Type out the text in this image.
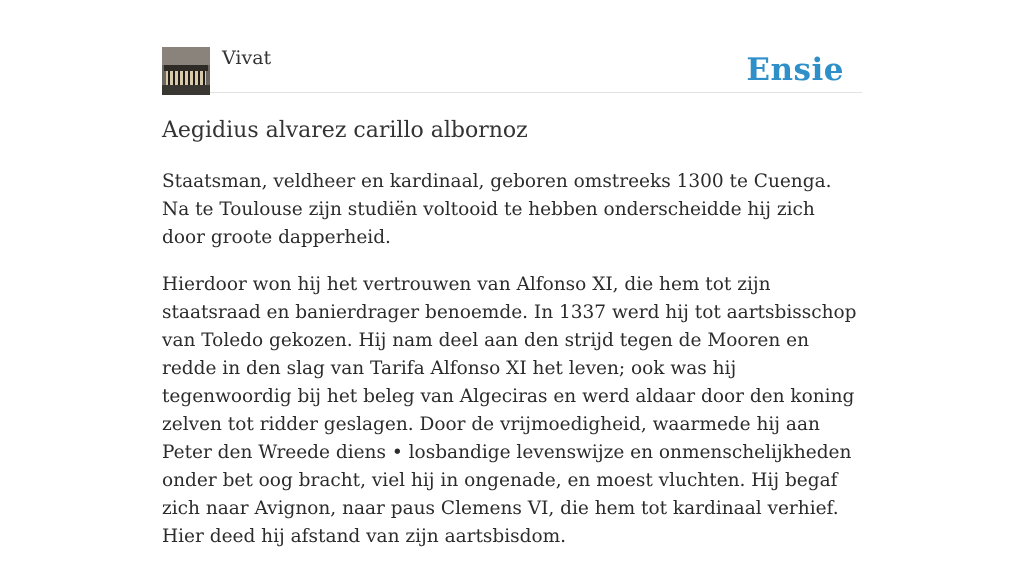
Vivat	Ensie
Aegidius alvarez carillo albornoz

Staatsman, veldheer en kardinaal, geboren omstreeks 1300 te Cuenga. Na te Toulouse zijn studiën voltooid te hebben onderscheidde hij zich door groote dapperheid.

Hierdoor won hij het vertrouwen van Alfonso XI, die hem tot zijn staatsraad en banierdrager benoemde. In 1337 werd hij tot aartsbisschop van Toledo gekozen. Hij nam deel aan den strijd tegen de Mooren en redde in den slag van Tarifa Alfonso XI het leven; ook was hij tegenwoordig bij het beleg van Algeciras en werd aldaar door den koning zelven tot ridder geslagen. Door de vrijmoedigheid, waarmede hij aan Peter den Wreede diens • losbandige levenswijze en onmenschelijkheden onder bet oog bracht, viel hij in ongenade, en moest vluchten. Hij begaf zich naar Avignon, naar paus Clemens VI, die hem tot kardinaal verhief. Hier deed hij afstand van zijn aartsbisdom.
